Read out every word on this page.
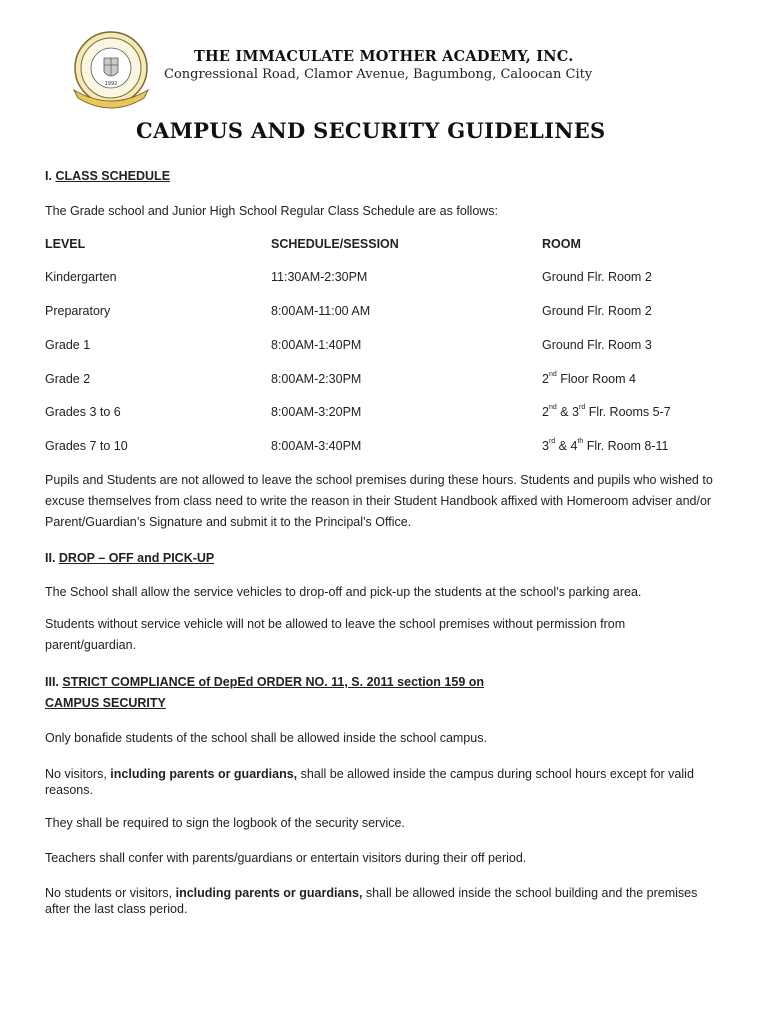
1992
THE IMMACULATE MOTHER ACADEMY, INC.
Congressional Road, Clamor Avenue, Bagumbong, Caloocan City
CAMPUS AND SECURITY GUIDELINES
I. CLASS SCHEDULE
The Grade school and Junior High School Regular Class Schedule are as follows:
LEVEL	SCHEDULE/SESSION	ROOM
Kindergarten	11:30AM-2:30PM	Ground Flr. Room 2
Preparatory	8:00AM-11:00 AM	Ground Flr. Room 2
Grade 1	8:00AM-1:40PM	Ground Flr. Room 3
Grade 2	8:00AM-2:30PM	2nd Floor Room 4
Grades 3 to 6	8:00AM-3:20PM	2nd & 3rd Flr. Rooms 5-7
Grades 7 to 10	8:00AM-3:40PM	3rd & 4th Flr. Room 8-11
Pupils and Students are not allowed to leave the school premises during these hours. Students and pupils who wished to excuse themselves from class need to write the reason in their Student Handbook affixed with Homeroom adviser and/or Parent/Guardian’s Signature and submit it to the Principal’s Office.
II. DROP – OFF and PICK-UP
The School shall allow the service vehicles to drop-off and pick-up the students at the school’s parking area.
Students without service vehicle will not be allowed to leave the school premises without permission from parent/guardian.
III. STRICT COMPLIANCE of DepEd ORDER NO. 11, S. 2011 section 159 on
CAMPUS SECURITY
Only bonafide students of the school shall be allowed inside the school campus.
No visitors, including parents or guardians, shall be allowed inside the campus during school hours except for valid reasons.
They shall be required to sign the logbook of the security service.
Teachers shall confer with parents/guardians or entertain visitors during their off period.
No students or visitors, including parents or guardians, shall be allowed inside the school building and the premises after the last class period.
